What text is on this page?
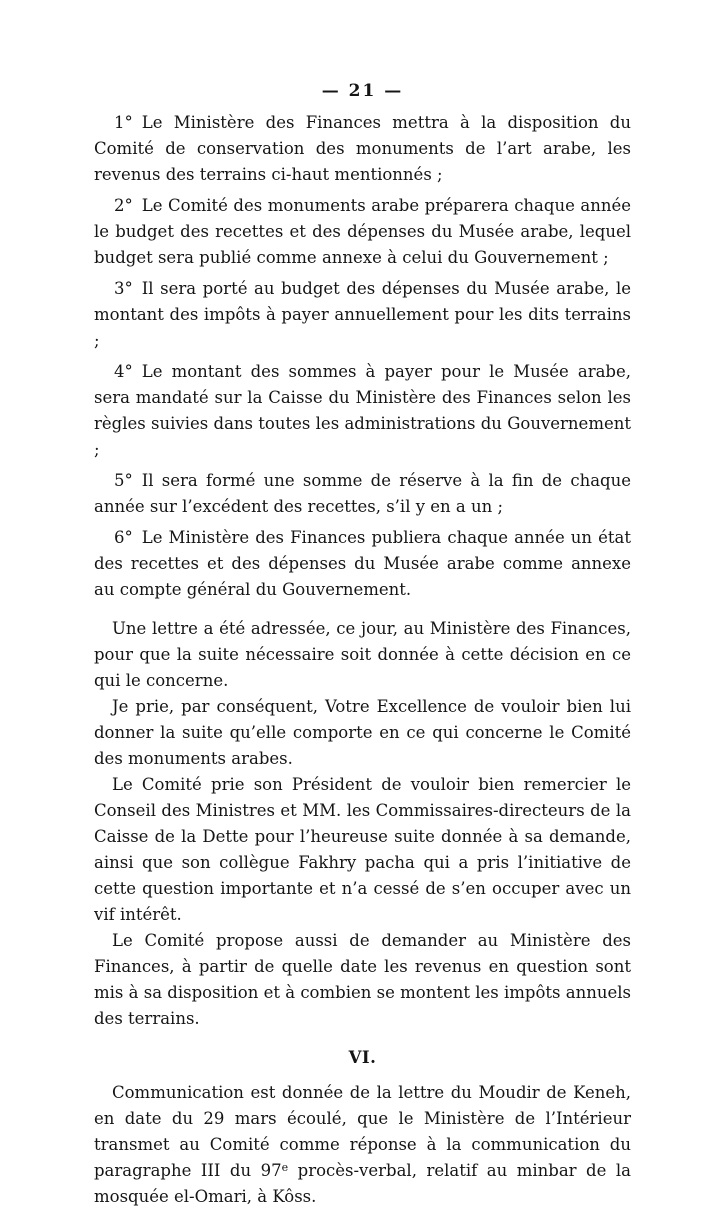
— 21 —

1° Le Ministère des Finances mettra à la disposition du Comité de conservation des monuments de l’art arabe, les revenus des terrains ci-haut mentionnés ;

2° Le Comité des monuments arabe préparera chaque année le budget des recettes et des dépenses du Musée arabe, lequel budget sera publié comme annexe à celui du Gouvernement ;

3° Il sera porté au budget des dépenses du Musée arabe, le montant des impôts à payer annuellement pour les dits terrains ;

4° Le montant des sommes à payer pour le Musée arabe, sera mandaté sur la Caisse du Ministère des Finances selon les règles suivies dans toutes les administrations du Gouvernement ;

5° Il sera formé une somme de réserve à la fin de chaque année sur l’excédent des recettes, s’il y en a un ;

6° Le Ministère des Finances publiera chaque année un état des recettes et des dépenses du Musée arabe comme annexe au compte général du Gouvernement.

Une lettre a été adressée, ce jour, au Ministère des Finances, pour que la suite nécessaire soit donnée à cette décision en ce qui le concerne.

Je prie, par conséquent, Votre Excellence de vouloir bien lui donner la suite qu’elle comporte en ce qui concerne le Comité des monuments arabes.

Le Comité prie son Président de vouloir bien remercier le Conseil des Ministres et MM. les Commissaires-directeurs de la Caisse de la Dette pour l’heureuse suite donnée à sa demande, ainsi que son collègue Fakhry pacha qui a pris l’initiative de cette question importante et n’a cessé de s’en occuper avec un vif intérêt.

Le Comité propose aussi de demander au Ministère des Finances, à partir de quelle date les revenus en question sont mis à sa disposition et à combien se montent les impôts annuels des terrains.

VI.

Communication est donnée de la lettre du Moudir de Keneh, en date du 29 mars écoulé, que le Ministère de l’Intérieur transmet au Comité comme réponse à la communication du paragraphe III du 97e procès-verbal, relatif au minbar de la mosquée el-Omari, à Kôss.
